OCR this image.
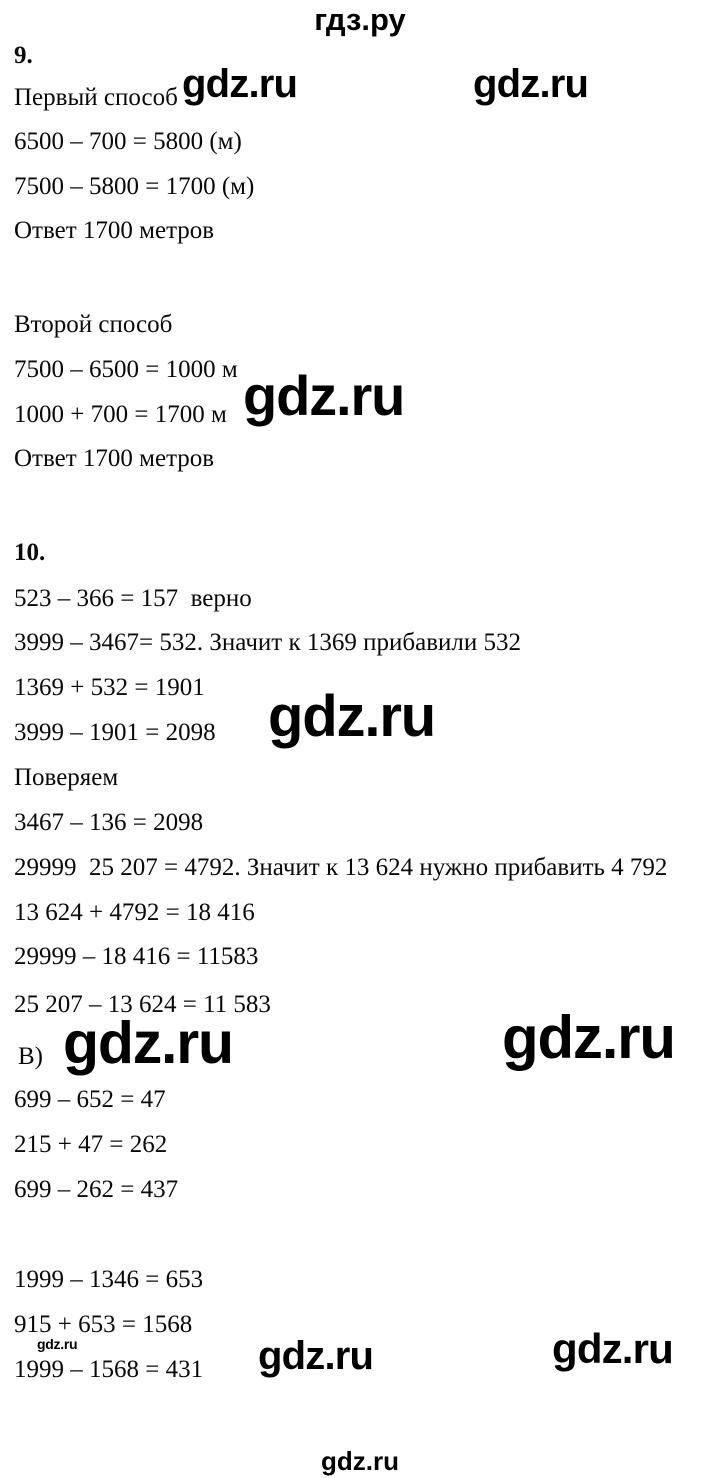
гдз.ру
gdz.ru	gdz.ru
gdz.ru
gdz.ru
gdz.ru	gdz.ru
gdz.ru	gdz.ru	gdz.ru
9.
Первый способ
6500 – 700 = 5800 (м)
7500 – 5800 = 1700 (м)
Ответ 1700 метров
Второй способ
7500 – 6500 = 1000 м
1000 + 700 = 1700 м
Ответ 1700 метров
10.
523 – 366 = 157  верно
3999 – 3467= 532. Значит к 1369 прибавили 532
1369 + 532 = 1901
3999 – 1901 = 2098
Поверяем
3467 – 136 = 2098
29999  25 207 = 4792. Значит к 13 624 нужно прибавить 4 792
13 624 + 4792 = 18 416
29999 – 18 416 = 11583
25 207 – 13 624 = 11 583
В)
699 – 652 = 47
215 + 47 = 262
699 – 262 = 437
1999 – 1346 = 653
915 + 653 = 1568
1999 – 1568 = 431
gdz.ru
